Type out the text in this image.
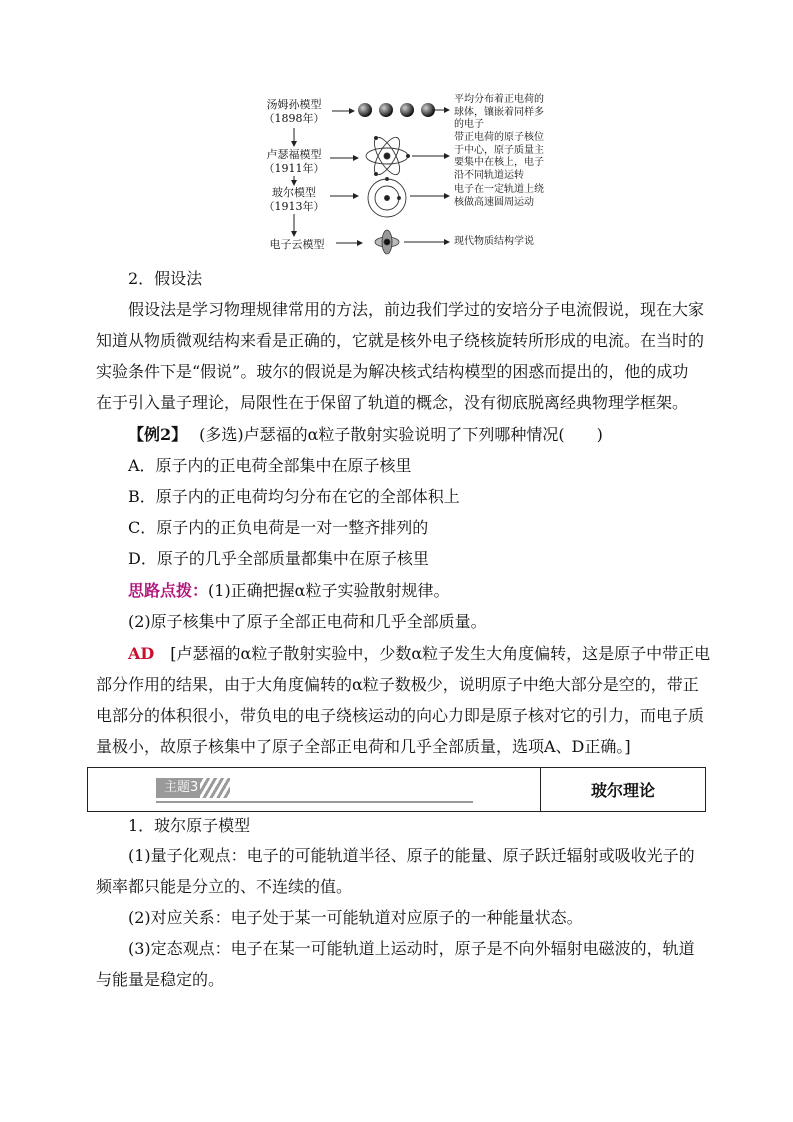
汤姆孙模型
（1898年）
卢瑟福模型
（1911年）
玻尔模型
（1913年）
电子云模型
平均分布着正电荷的
球体，镶嵌着同样多
的电子
带正电荷的原子核位
于中心，原子质量主
要集中在核上，电子
沿不同轨道运转
电子在一定轨道上绕
核做高速圆周运动
现代物质结构学说
2．假设法
假设法是学习物理规律常用的方法，前边我们学过的安培分子电流假说，现在大家
知道从物质微观结构来看是正确的，它就是核外电子绕核旋转所形成的电流。在当时的
实验条件下是“假说”。玻尔的假说是为解决核式结构模型的困惑而提出的，他的成功
在于引入量子理论，局限性在于保留了轨道的概念，没有彻底脱离经典物理学框架。
【例2】 (多选)卢瑟福的α粒子散射实验说明了下列哪种情况(　　)
A．原子内的正电荷全部集中在原子核里
B．原子内的正电荷均匀分布在它的全部体积上
C．原子内的正负电荷是一对一整齐排列的
D．原子的几乎全部质量都集中在原子核里
思路点拨：(1)正确把握α粒子实验散射规律。
(2)原子核集中了原子全部正电荷和几乎全部质量。
AD [卢瑟福的α粒子散射实验中，少数α粒子发生大角度偏转，这是原子中带正电
部分作用的结果，由于大角度偏转的α粒子数极少，说明原子中绝大部分是空的，带正
电部分的体积很小，带负电的电子绕核运动的向心力即是原子核对它的引力，而电子质
量极小，故原子核集中了原子全部正电荷和几乎全部质量，选项A、D正确。]
主题3	玻尔理论
1．玻尔原子模型
(1)量子化观点：电子的可能轨道半径、原子的能量、原子跃迁辐射或吸收光子的
频率都只能是分立的、不连续的值。
(2)对应关系：电子处于某一可能轨道对应原子的一种能量状态。
(3)定态观点：电子在某一可能轨道上运动时，原子是不向外辐射电磁波的，轨道
与能量是稳定的。
